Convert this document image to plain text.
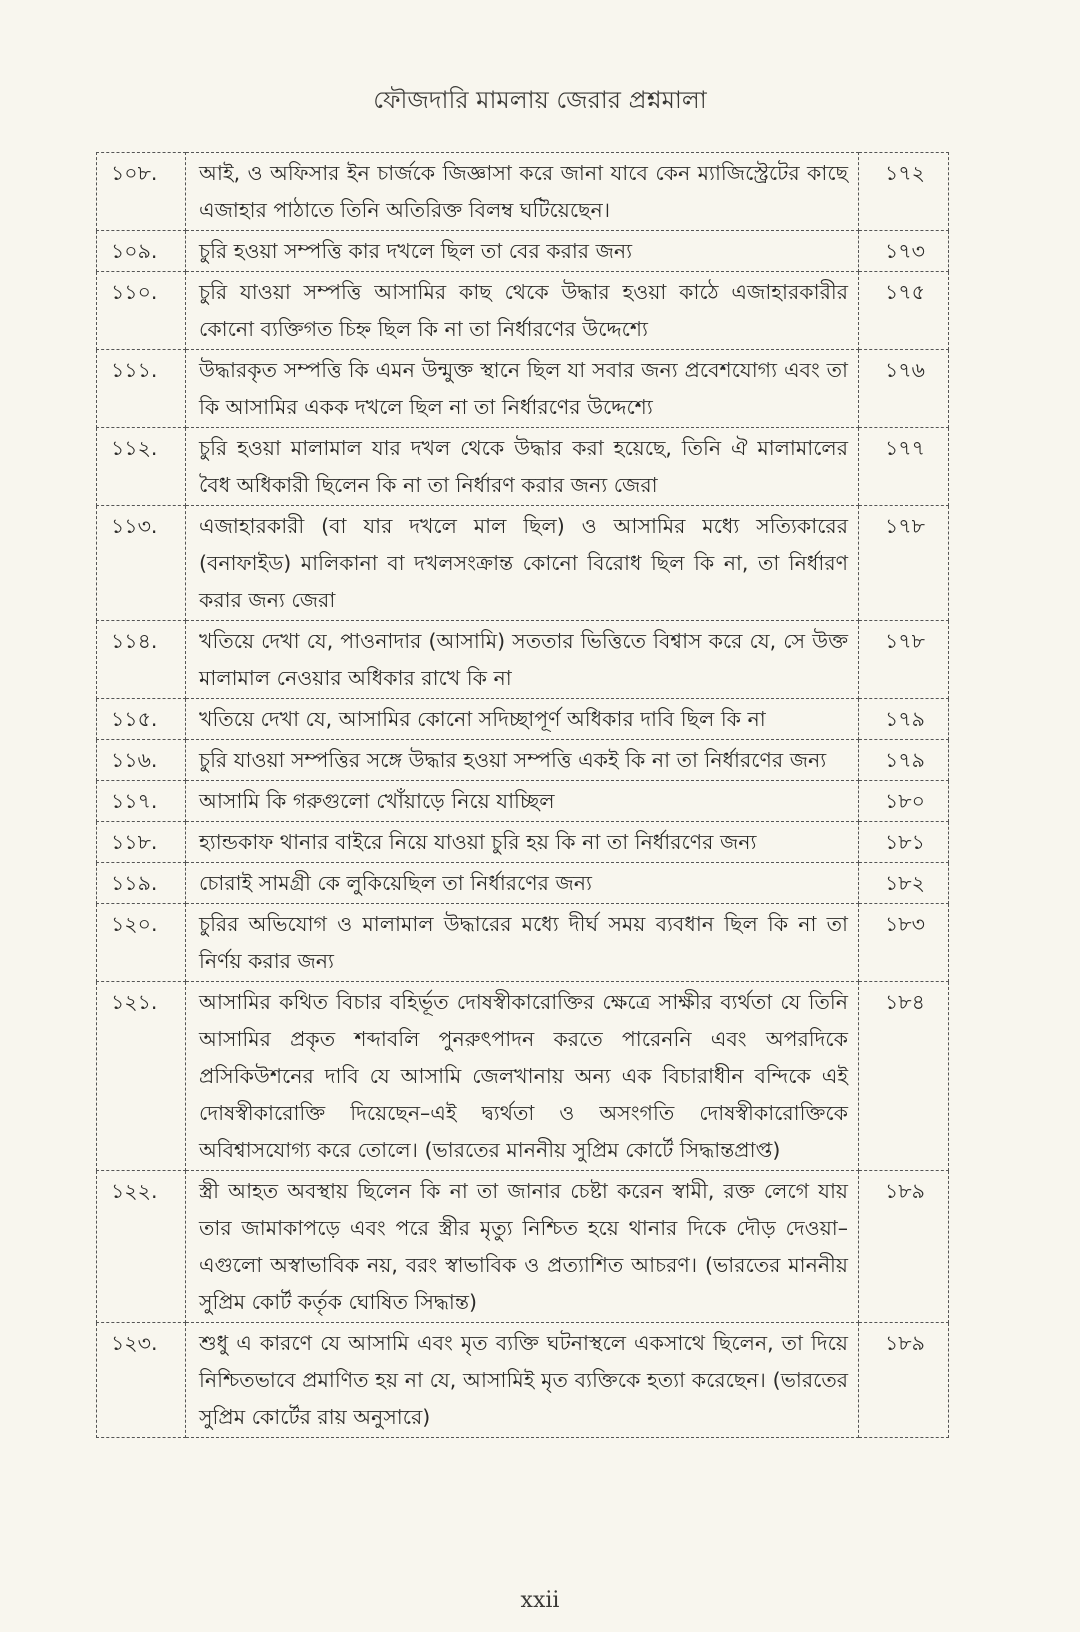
ফৌজদারি মামলায় জেরার প্রশ্নমালা
১০৮.	আই, ও অফিসার ইন চার্জকে জিজ্ঞাসা করে জানা যাবে কেন ম্যাজিস্ট্রেটের কাছে এজাহার পাঠাতে তিনি অতিরিক্ত বিলম্ব ঘটিয়েছেন।	১৭২
১০৯.	চুরি হওয়া সম্পত্তি কার দখলে ছিল তা বের করার জন্য	১৭৩
১১০.	চুরি যাওয়া সম্পত্তি আসামির কাছ থেকে উদ্ধার হওয়া কাঠে এজাহারকারীর কোনো ব্যক্তিগত চিহ্ন ছিল কি না তা নির্ধারণের উদ্দেশ্যে	১৭৫
১১১.	উদ্ধারকৃত সম্পত্তি কি এমন উন্মুক্ত স্থানে ছিল যা সবার জন্য প্রবেশযোগ্য এবং তা কি আসামির একক দখলে ছিল না তা নির্ধারণের উদ্দেশ্যে	১৭৬
১১২.	চুরি হওয়া মালামাল যার দখল থেকে উদ্ধার করা হয়েছে, তিনি ঐ মালামালের বৈধ অধিকারী ছিলেন কি না তা নির্ধারণ করার জন্য জেরা	১৭৭
১১৩.	এজাহারকারী (বা যার দখলে মাল ছিল) ও আসামির মধ্যে সত্যিকারের (বনাফাইড) মালিকানা বা দখলসংক্রান্ত কোনো বিরোধ ছিল কি না, তা নির্ধারণ করার জন্য জেরা	১৭৮
১১৪.	খতিয়ে দেখা যে, পাওনাদার (আসামি) সততার ভিত্তিতে বিশ্বাস করে যে, সে উক্ত মালামাল নেওয়ার অধিকার রাখে কি না	১৭৮
১১৫.	খতিয়ে দেখা যে, আসামির কোনো সদিচ্ছাপূর্ণ অধিকার দাবি ছিল কি না	১৭৯
১১৬.	চুরি যাওয়া সম্পত্তির সঙ্গে উদ্ধার হওয়া সম্পত্তি একই কি না তা নির্ধারণের জন্য	১৭৯
১১৭.	আসামি কি গরুগুলো খোঁয়াড়ে নিয়ে যাচ্ছিল	১৮০
১১৮.	হ্যান্ডকাফ থানার বাইরে নিয়ে যাওয়া চুরি হয় কি না তা নির্ধারণের জন্য	১৮১
১১৯.	চোরাই সামগ্রী কে লুকিয়েছিল তা নির্ধারণের জন্য	১৮২
১২০.	চুরির অভিযোগ ও মালামাল উদ্ধারের মধ্যে দীর্ঘ সময় ব্যবধান ছিল কি না তা নির্ণয় করার জন্য	১৮৩
১২১.	আসামির কথিত বিচার বহির্ভূত দোষস্বীকারোক্তির ক্ষেত্রে সাক্ষীর ব্যর্থতা যে তিনি আসামির প্রকৃত শব্দাবলি পুনরুৎপাদন করতে পারেননি এবং অপরদিকে প্রসিকিউশনের দাবি যে আসামি জেলখানায় অন্য এক বিচারাধীন বন্দিকে এই দোষস্বীকারোক্তি দিয়েছেন–এই দ্ব্যর্থতা ও অসংগতি দোষস্বীকারোক্তিকে অবিশ্বাসযোগ্য করে তোলে। (ভারতের মাননীয় সুপ্রিম কোর্টে সিদ্ধান্তপ্রাপ্ত)	১৮৪
১২২.	স্ত্রী আহত অবস্থায় ছিলেন কি না তা জানার চেষ্টা করেন স্বামী, রক্ত লেগে যায় তার জামাকাপড়ে এবং পরে স্ত্রীর মৃত্যু নিশ্চিত হয়ে থানার দিকে দৌড় দেওয়া–এগুলো অস্বাভাবিক নয়, বরং স্বাভাবিক ও প্রত্যাশিত আচরণ। (ভারতের মাননীয় সুপ্রিম কোর্ট কর্তৃক ঘোষিত সিদ্ধান্ত)	১৮৯
১২৩.	শুধু এ কারণে যে আসামি এবং মৃত ব্যক্তি ঘটনাস্থলে একসাথে ছিলেন, তা দিয়ে নিশ্চিতভাবে প্রমাণিত হয় না যে, আসামিই মৃত ব্যক্তিকে হত্যা করেছেন। (ভারতের সুপ্রিম কোর্টের রায় অনুসারে)	১৮৯
xxii
